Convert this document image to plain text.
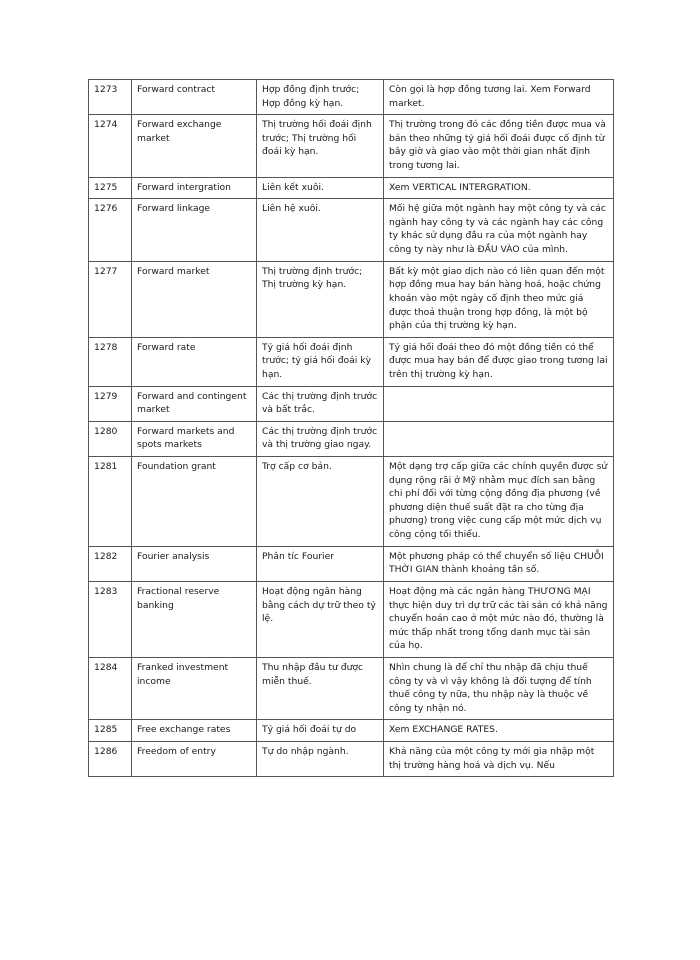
1273	Forward contract	Hợp đồng định trước; Hợp đồng kỳ hạn.	Còn gọi là hợp đồng tương lai. Xem Forward market.
1274	Forward exchange market	Thị trường hối đoái định trước; Thị trường hối đoái kỳ hạn.	Thị trường trong đó các đồng tiền được mua và bán theo những tỷ giá hối đoái được cố định từ bây giờ và giao vào một thời gian nhất định trong tương lai.
1275	Forward intergration	Liên kết xuôi.	Xem VERTICAL INTERGRATION.
1276	Forward linkage	Liên hệ xuôi.	Mối hệ giữa một ngành hay một công ty và các ngành hay công ty và các ngành hay các công ty khác sử dụng đầu ra của một ngành hay công ty này như là ĐẦU VÀO của mình.
1277	Forward market	Thị trường định trước; Thị trường kỳ hạn.	Bất kỳ một giao dịch nào có liên quan đến một hợp đồng mua hay bán hàng hoá, hoặc chứng khoán vào một ngày cố định theo mức giá được thoả thuận trong hợp đồng, là một bộ phận của thị trường kỳ hạn.
1278	Forward rate	Tỷ giá hối đoái định trước; tỷ giá hối đoái kỳ hạn.	Tỷ giá hối đoái theo đó một đồng tiền có thể được mua hay bán để được giao trong tương lai trên thị trường kỳ hạn.
1279	Forward and contingent market	Các thị trường định trước và bất trắc.	
1280	Forward markets and spots markets	Các thị trường định trước và thị trường giao ngay.	
1281	Foundation grant	Trợ cấp cơ bản.	Một dạng trợ cấp giữa các chính quyền được sử dụng rộng rãi ở Mỹ nhằm mục đích san bằng chi phí đối với từng cộng đồng địa phương (về phương diện thuế suất đặt ra cho từng địa phương) trong việc cung cấp một mức dịch vụ công cộng tối thiểu.
1282	Fourier analysis	Phân tíc Fourier	Một phương pháp có thể chuyển số liệu CHUỖI THỜI GIAN thành khoảng tần số.
1283	Fractional reserve banking	Hoạt động ngân hàng bằng cách dự trữ theo tỷ lệ.	Hoạt động mà các ngân hàng THƯƠNG MẠI thực hiện duy trì dự trữ các tài sản có khả năng chuyển hoán cao ở một mức nào đó, thường là mức thấp nhất trong tổng danh mục tài sản của họ.
1284	Franked investment income	Thu nhập đầu tư được miễn thuế.	Nhìn chung là để chỉ thu nhập đã chịu thuế công ty và vì vậy không là đối tượng để tính thuế công ty nữa, thu nhập này là thuộc về công ty nhận nó.
1285	Free exchange rates	Tỷ giá hối đoái tự do	Xem EXCHANGE RATES.
1286	Freedom of entry	Tự do nhập ngành.	Khả năng của một công ty mới gia nhập một thị trường hàng hoá và dịch vụ. Nếu
